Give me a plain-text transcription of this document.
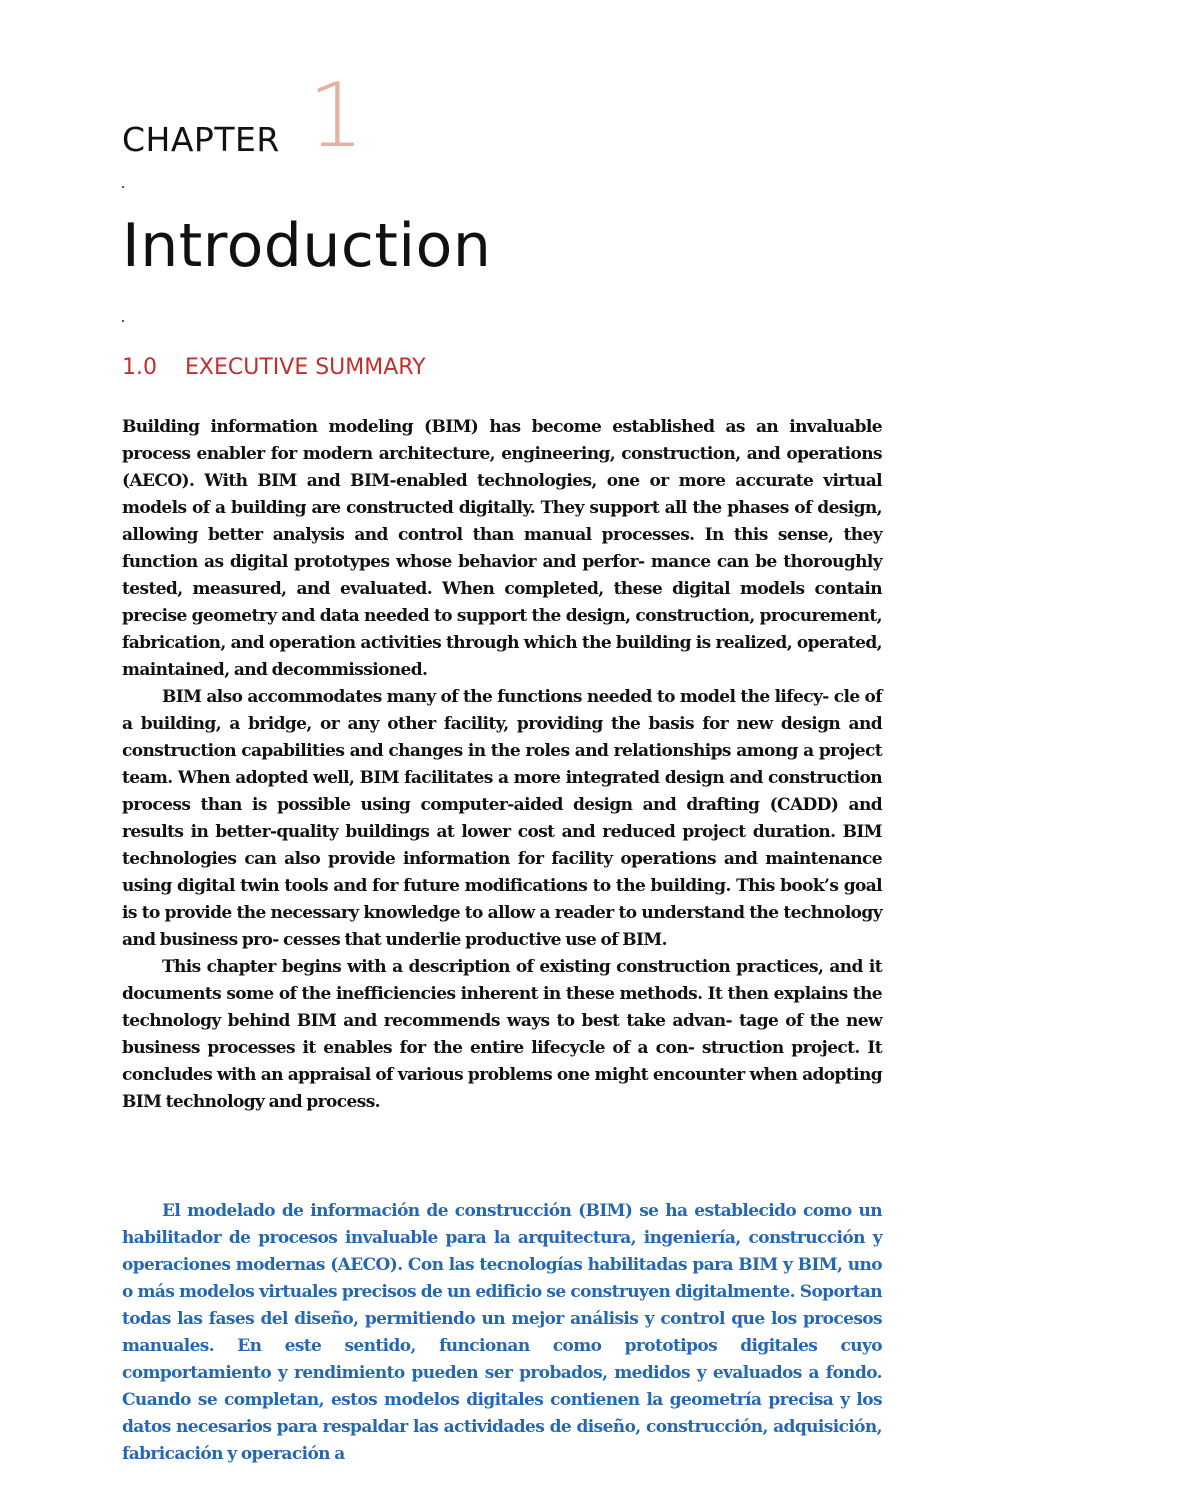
CHAPTER 1
Introduction
1.0 EXECUTIVE SUMMARY

Building information modeling (BIM) has become established as an invaluable process enabler for modern architecture, engineering, construction, and operations (AECO). With BIM and BIM-enabled technologies, one or more accurate virtual models of a building are constructed digitally. They support all the phases of design, allowing better analysis and control than manual processes. In this sense, they function as digital prototypes whose behavior and perfor- mance can be thoroughly tested, measured, and evaluated. When completed, these digital models contain precise geometry and data needed to support the design, construction, procurement, fabrication, and operation activities through which the building is realized, operated, maintained, and decommissioned.

BIM also accommodates many of the functions needed to model the lifecy- cle of a building, a bridge, or any other facility, providing the basis for new design and construction capabilities and changes in the roles and relationships among a project team. When adopted well, BIM facilitates a more integrated design and construction process than is possible using computer-aided design and drafting (CADD) and results in better-quality buildings at lower cost and reduced project duration. BIM technologies can also provide information for facility operations and maintenance using digital twin tools and for future modifications to the building. This book’s goal is to provide the necessary knowledge to allow a reader to understand the technology and business pro- cesses that underlie productive use of BIM.

This chapter begins with a description of existing construction practices, and it documents some of the inefficiencies inherent in these methods. It then explains the technology behind BIM and recommends ways to best take advan- tage of the new business processes it enables for the entire lifecycle of a con- struction project. It concludes with an appraisal of various problems one might encounter when adopting BIM technology and process.

El modelado de información de construcción (BIM) se ha establecido como un habilitador de procesos invaluable para la arquitectura, ingeniería, construcción y operaciones modernas (AECO). Con las tecnologías habilitadas para BIM y BIM, uno o más modelos virtuales precisos de un edificio se construyen digitalmente. Soportan todas las fases del diseño, permitiendo un mejor análisis y control que los procesos manuales. En este sentido, funcionan como prototipos digitales cuyo comportamiento y rendimiento pueden ser probados, medidos y evaluados a fondo. Cuando se completan, estos modelos digitales contienen la geometría precisa y los datos necesarios para respaldar las actividades de diseño, construcción, adquisición, fabricación y operación a
